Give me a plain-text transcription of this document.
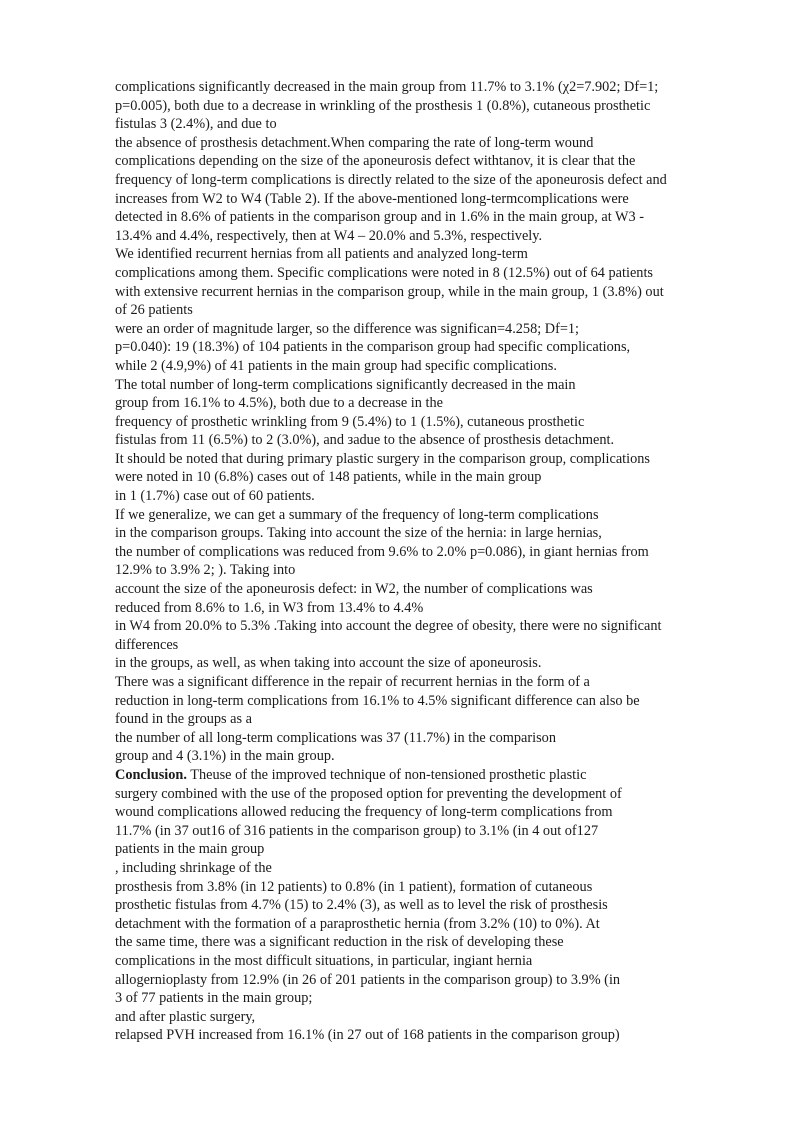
complications significantly decreased in the main group from 11.7% to 3.1% (χ2=7.902; Df=1;
p=0.005), both due to a decrease in wrinkling of the prosthesis 1 (0.8%), cutaneous prosthetic
fistulas 3 (2.4%), and due to
the absence of prosthesis detachment.When comparing the rate of long-term wound
complications depending on the size of the aponeurosis defect withtanov, it is clear that the
frequency of long-term complications is directly related to the size of the aponeurosis defect and
increases from W2 to W4 (Table 2). If the above-mentioned long-termcomplications were
detected in 8.6% of patients in the comparison group and in 1.6% in the main group, at W3 -
13.4% and 4.4%, respectively, then at W4 – 20.0% and 5.3%, respectively.
We identified recurrent hernias from all patients and analyzed long-term
complications among them. Specific complications were noted in 8 (12.5%) out of 64 patients
with extensive recurrent hernias in the comparison group, while in the main group, 1 (3.8%) out
of 26 patients
were an order of magnitude larger, so the difference was significan=4.258; Df=1;
p=0.040): 19 (18.3%) of 104 patients in the comparison group had specific complications,
while 2 (4.9,9%) of 41 patients in the main group had specific complications.
The total number of long-term complications significantly decreased in the main
group from 16.1% to 4.5%), both due to a decrease in the
frequency of prosthetic wrinkling from 9 (5.4%) to 1 (1.5%), cutaneous prosthetic
fistulas from 11 (6.5%) to 2 (3.0%), and зadue to the absence of prosthesis detachment.
It should be noted that during primary plastic surgery in the comparison group, complications
were noted in 10 (6.8%) cases out of 148 patients, while in the main group
in 1 (1.7%) case out of 60 patients.
If we generalize, we can get a summary of the frequency of long-term complications
in the comparison groups. Taking into account the size of the hernia: in large hernias,
the number of complications was reduced from 9.6% to 2.0% p=0.086), in giant hernias from
12.9% to 3.9% 2; ). Taking into
account the size of the aponeurosis defect: in W2, the number of complications was
reduced from 8.6% to 1.6, in W3 from 13.4% to 4.4%
in W4 from 20.0% to 5.3% .Taking into account the degree of obesity, there were no significant
differences
in the groups, as well, as when taking into account the size of aponeurosis.
There was a significant difference in the repair of recurrent hernias in the form of a
reduction in long-term complications from 16.1% to 4.5% significant difference can also be
found in the groups as a
the number of all long-term complications was 37 (11.7%) in the comparison
group and 4 (3.1%) in the main group.
Conclusion. Theuse of the improved technique of non-tensioned prosthetic plastic
surgery combined with the use of the proposed option for preventing the development of
wound complications allowed reducing the frequency of long-term complications from
11.7% (in 37 out16 of 316 patients in the comparison group) to 3.1% (in 4 out of127
patients in the main group
, including shrinkage of the
prosthesis from 3.8% (in 12 patients) to 0.8% (in 1 patient), formation of cutaneous
prosthetic fistulas from 4.7% (15) to 2.4% (3), as well as to level the risk of prosthesis
detachment with the formation of a paraprosthetic hernia (from 3.2% (10) to 0%). At
the same time, there was a significant reduction in the risk of developing these
complications in the most difficult situations, in particular, ingiant hernia
allogernioplasty from 12.9% (in 26 of 201 patients in the comparison group) to 3.9% (in
3 of 77 patients in the main group;
and after plastic surgery,
relapsed PVH increased from 16.1% (in 27 out of 168 patients in the comparison group)
